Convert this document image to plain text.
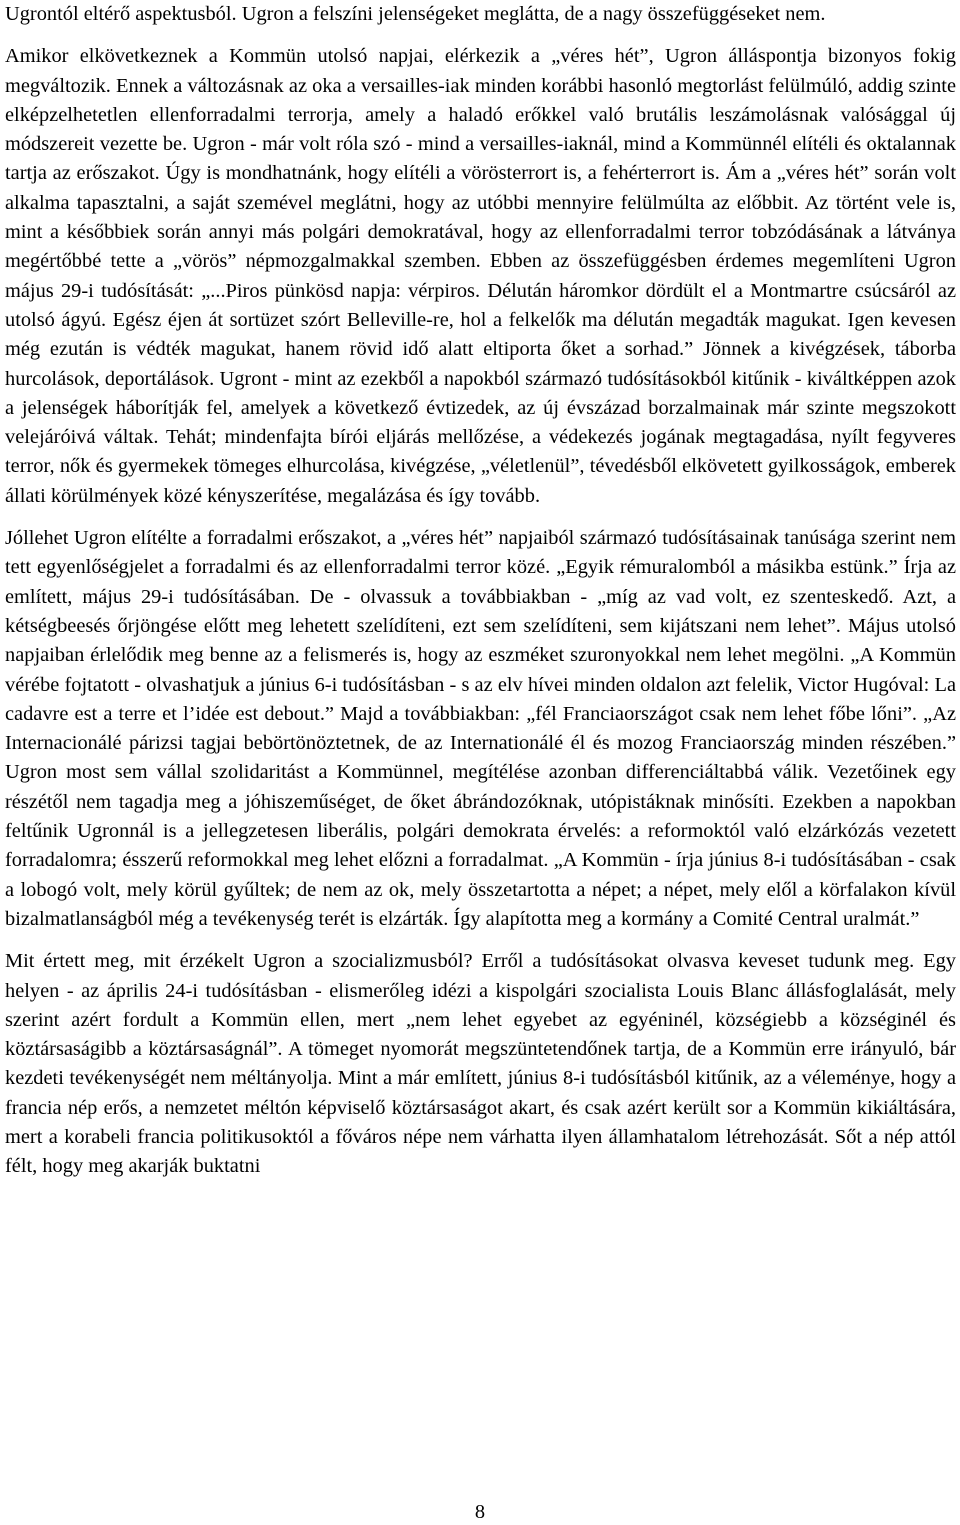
Ugrontól eltérő aspektusból. Ugron a felszíni jelenségeket meglátta, de a nagy összefüggéseket nem.

Amikor elkövetkeznek a Kommün utolsó napjai, elérkezik a „véres hét”, Ugron álláspontja bizonyos fokig megváltozik. Ennek a változásnak az oka a versailles-iak minden korábbi hasonló megtorlást felülmúló, addig szinte elképzelhetetlen ellenforradalmi terrorja, amely a haladó erőkkel való brutális leszámolásnak valósággal új módszereit vezette be. Ugron - már volt róla szó - mind a versailles-iaknál, mind a Kommünnél elítéli és oktalannak tartja az erőszakot. Úgy is mondhatnánk, hogy elítéli a vörösterrort is, a fehérterrort is. Ám a „véres hét” során volt alkalma tapasztalni, a saját szemével meglátni, hogy az utóbbi mennyire felülmúlta az előbbit. Az történt vele is, mint a későbbiek során annyi más polgári demokratával, hogy az ellenforradalmi terror tobzódásának a látványa megértőbbé tette a „vörös” népmozgalmakkal szemben. Ebben az összefüggésben érdemes megemlíteni Ugron május 29-i tudósítását: „...Piros pünkösd napja: vérpiros. Délután háromkor dördült el a Montmartre csúcsáról az utolsó ágyú. Egész éjen át sortüzet szórt Belleville-re, hol a felkelők ma délután megadták magukat. Igen kevesen még ezután is védték magukat, hanem rövid idő alatt eltiporta őket a sorhad.” Jönnek a kivégzések, táborba hurcolások, deportálások. Ugront - mint az ezekből a napokból származó tudósításokból kitűnik - kiváltképpen azok a jelenségek háborítják fel, amelyek a következő évtizedek, az új évszázad borzalmainak már szinte megszokott velejáróivá váltak. Tehát; mindenfajta bírói eljárás mellőzése, a védekezés jogának megtagadása, nyílt fegyveres terror, nők és gyermekek tömeges elhurcolása, kivégzése, „véletlenül”, tévedésből elkövetett gyilkosságok, emberek állati körülmények közé kényszerítése, megalázása és így tovább.

Jóllehet Ugron elítélte a forradalmi erőszakot, a „véres hét” napjaiból származó tudósításainak tanúsága szerint nem tett egyenlőségjelet a forradalmi és az ellenforradalmi terror közé. „Egyik rémuralomból a másikba estünk.” Írja az említett, május 29-i tudósításában. De - olvassuk a továbbiakban - „míg az vad volt, ez szenteskedő. Azt, a kétségbeesés őrjöngése előtt meg lehetett szelídíteni, ezt sem szelídíteni, sem kijátszani nem lehet”. Május utolsó napjaiban érlelődik meg benne az a felismerés is, hogy az eszméket szuronyokkal nem lehet megölni. „A Kommün vérébe fojtatott - olvashatjuk a június 6-i tudósításban - s az elv hívei minden oldalon azt felelik, Victor Hugóval: La cadavre est a terre et l’idée est debout.” Majd a továbbiakban: „fél Franciaországot csak nem lehet főbe lőni”. „Az Internacionálé párizsi tagjai bebörtönöztetnek, de az Internationálé él és mozog Franciaország minden részében.” Ugron most sem vállal szolidaritást a Kommünnel, megítélése azonban differenciáltabbá válik. Vezetőinek egy részétől nem tagadja meg a jóhiszeműséget, de őket ábrándozóknak, utópistáknak minősíti. Ezekben a napokban feltűnik Ugronnál is a jellegzetesen liberális, polgári demokrata érvelés: a reformoktól való elzárkózás vezetett forradalomra; ésszerű reformokkal meg lehet előzni a forradalmat. „A Kommün - írja június 8-i tudósításában - csak a lobogó volt, mely körül gyűltek; de nem az ok, mely összetartotta a népet; a népet, mely elől a körfalakon kívül bizalmatlanságból még a tevékenység terét is elzárták. Így alapította meg a kormány a Comité Central uralmát.”

Mit értett meg, mit érzékelt Ugron a szocializmusból? Erről a tudósításokat olvasva keveset tudunk meg. Egy helyen - az április 24-i tudósításban - elismerőleg idézi a kispolgári szocialista Louis Blanc állásfoglalását, mely szerint azért fordult a Kommün ellen, mert „nem lehet egyebet az egyéninél, községiebb a községinél és köztársaságibb a köztársaságnál”. A tömeget nyomorát megszüntetendőnek tartja, de a Kommün erre irányuló, bár kezdeti tevékenységét nem méltányolja. Mint a már említett, június 8-i tudósításból kitűnik, az a véleménye, hogy a francia nép erős, a nemzetet méltón képviselő köztársaságot akart, és csak azért került sor a Kommün kikiáltására, mert a korabeli francia politikusoktól a főváros népe nem várhatta ilyen államhatalom létrehozását. Sőt a nép attól félt, hogy meg akarják buktatni

8
